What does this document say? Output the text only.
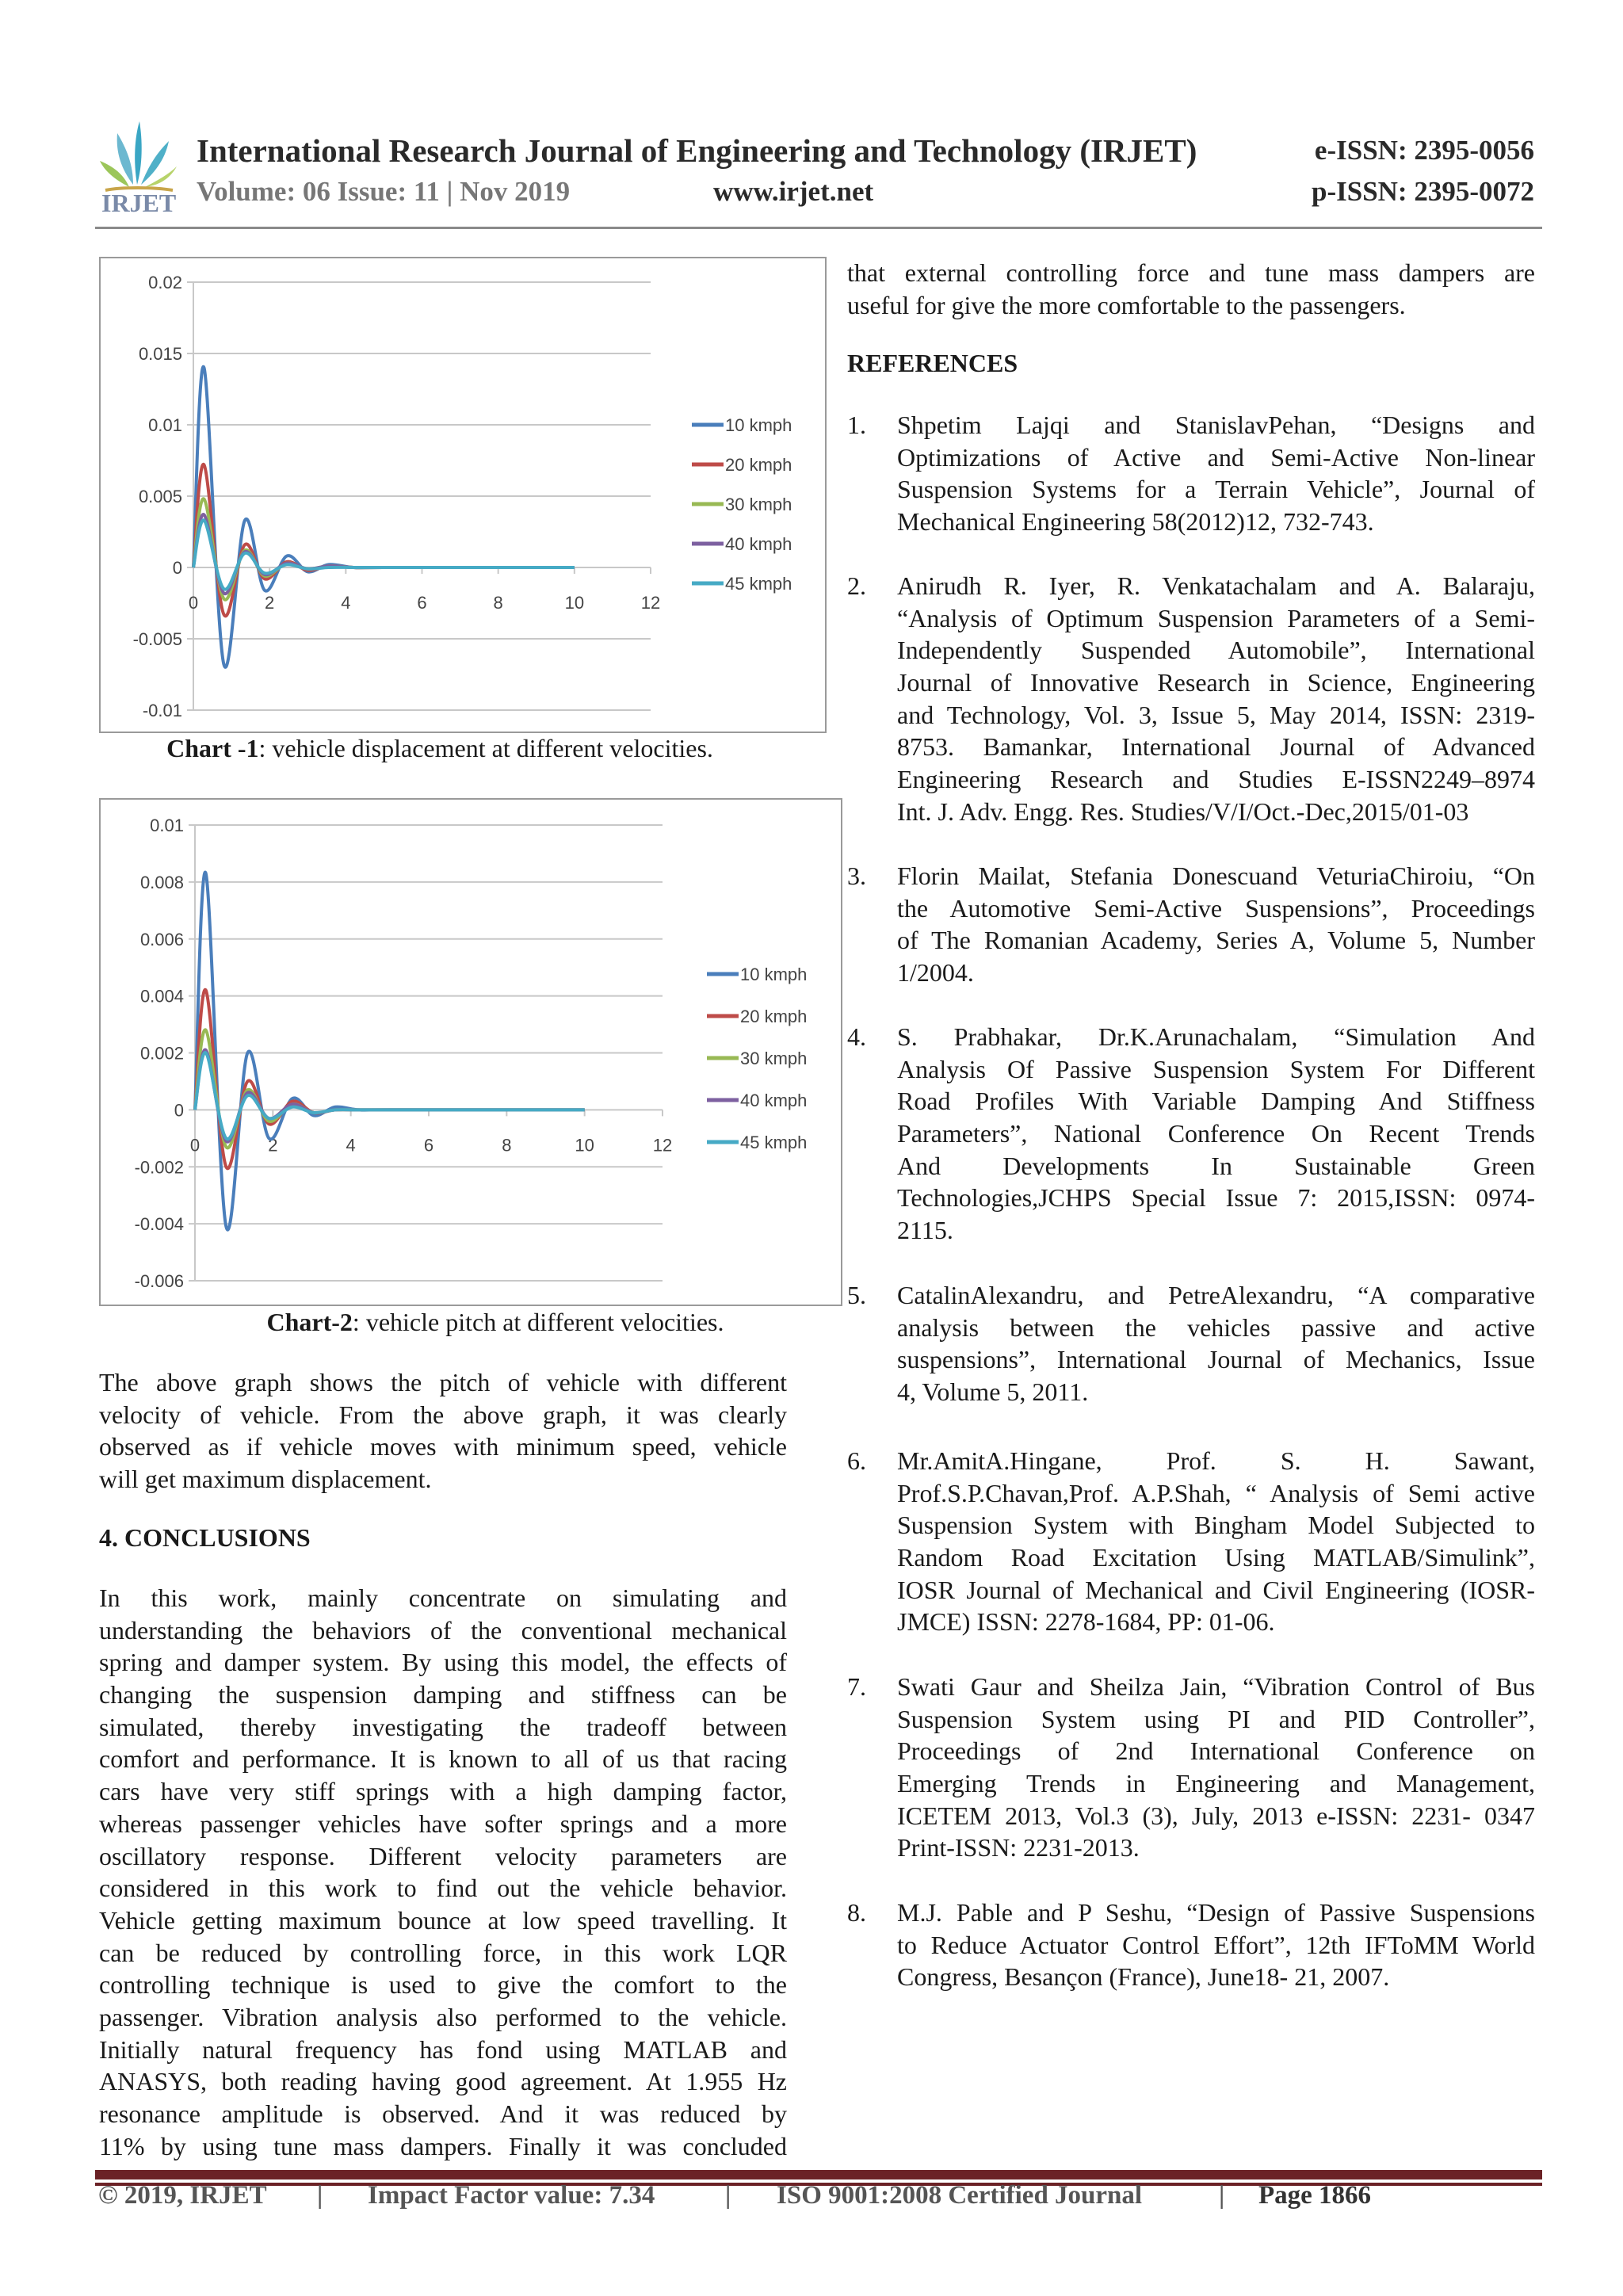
IRJET
International Research Journal of Engineering and Technology (IRJET)
Volume: 06 Issue: 11 | Nov 2019	www.irjet.net
e-ISSN: 2395-0056
p-ISSN: 2395-0072
0.02
0.015
0.01
0.005
0
-0.005
-0.01
0	2	4	6	8	10	12
10 kmph
20 kmph
30 kmph
40 kmph
45 kmph
Chart -1: vehicle displacement at different velocities.
0.01
0.008
0.006
0.004
0.002
0
-0.002
-0.004
-0.006
0	2	4	6	8	10	12
10 kmph
20 kmph
30 kmph
40 kmph
45 kmph
Chart-2: vehicle pitch at different velocities.
The above graph shows the pitch of vehicle with different
velocity of vehicle. From the above graph, it was clearly
observed as if vehicle moves with minimum speed, vehicle
will get maximum displacement.
4. CONCLUSIONS
In this work, mainly concentrate on simulating and
understanding the behaviors of the conventional mechanical
spring and damper system. By using this model, the effects of
changing the suspension damping and stiffness can be
simulated, thereby investigating the tradeoff between
comfort and performance. It is known to all of us that racing
cars have very stiff springs with a high damping factor,
whereas passenger vehicles have softer springs and a more
oscillatory response. Different velocity parameters are
considered in this work to find out the vehicle behavior.
Vehicle getting maximum bounce at low speed travelling. It
can be reduced by controlling force, in this work LQR
controlling technique is used to give the comfort to the
passenger. Vibration analysis also performed to the vehicle.
Initially natural frequency has fond using MATLAB and
ANASYS, both reading having good agreement. At 1.955 Hz
resonance amplitude is observed. And it was reduced by
11% by using tune mass dampers. Finally it was concluded
that external controlling force and tune mass dampers are
useful for give the more comfortable to the passengers.
REFERENCES
1. Shpetim Lajqi and StanislavPehan, “Designs and
Optimizations of Active and Semi-Active Non-linear
Suspension Systems for a Terrain Vehicle”, Journal of
Mechanical Engineering 58(2012)12, 732-743.
2. Anirudh R. Iyer, R. Venkatachalam and A. Balaraju,
“Analysis of Optimum Suspension Parameters of a Semi-
Independently Suspended Automobile”, International
Journal of Innovative Research in Science, Engineering
and Technology, Vol. 3, Issue 5, May 2014, ISSN: 2319-
8753. Bamankar, International Journal of Advanced
Engineering Research and Studies E-ISSN2249–8974
Int. J. Adv. Engg. Res. Studies/V/I/Oct.-Dec,2015/01-03
3. Florin Mailat, Stefania Donescuand VeturiaChiroiu, “On
the Automotive Semi-Active Suspensions”, Proceedings
of The Romanian Academy, Series A, Volume 5, Number
1/2004.
4. S. Prabhakar, Dr.K.Arunachalam, “Simulation And
Analysis Of Passive Suspension System For Different
Road Profiles With Variable Damping And Stiffness
Parameters”, National Conference On Recent Trends
And Developments In Sustainable Green
Technologies,JCHPS Special Issue 7: 2015,ISSN: 0974-
2115.
5. CatalinAlexandru, and PetreAlexandru, “A comparative
analysis between the vehicles passive and active
suspensions”, International Journal of Mechanics, Issue
4, Volume 5, 2011.
6. Mr.AmitA.Hingane, Prof. S. H. Sawant,
Prof.S.P.Chavan,Prof. A.P.Shah, “ Analysis of Semi active
Suspension System with Bingham Model Subjected to
Random Road Excitation Using MATLAB/Simulink”,
IOSR Journal of Mechanical and Civil Engineering (IOSR-
JMCE) ISSN: 2278-1684, PP: 01-06.
7. Swati Gaur and Sheilza Jain, “Vibration Control of Bus
Suspension System using PI and PID Controller”,
Proceedings of 2nd International Conference on
Emerging Trends in Engineering and Management,
ICETEM 2013, Vol.3 (3), July, 2013 e-ISSN: 2231- 0347
Print-ISSN: 2231-2013.
8. M.J. Pable and P Seshu, “Design of Passive Suspensions
to Reduce Actuator Control Effort”, 12th IFToMM World
Congress, Besançon (France), June18- 21, 2007.
© 2019, IRJET | Impact Factor value: 7.34	| ISO 9001:2008 Certified Journal	| Page 1866
